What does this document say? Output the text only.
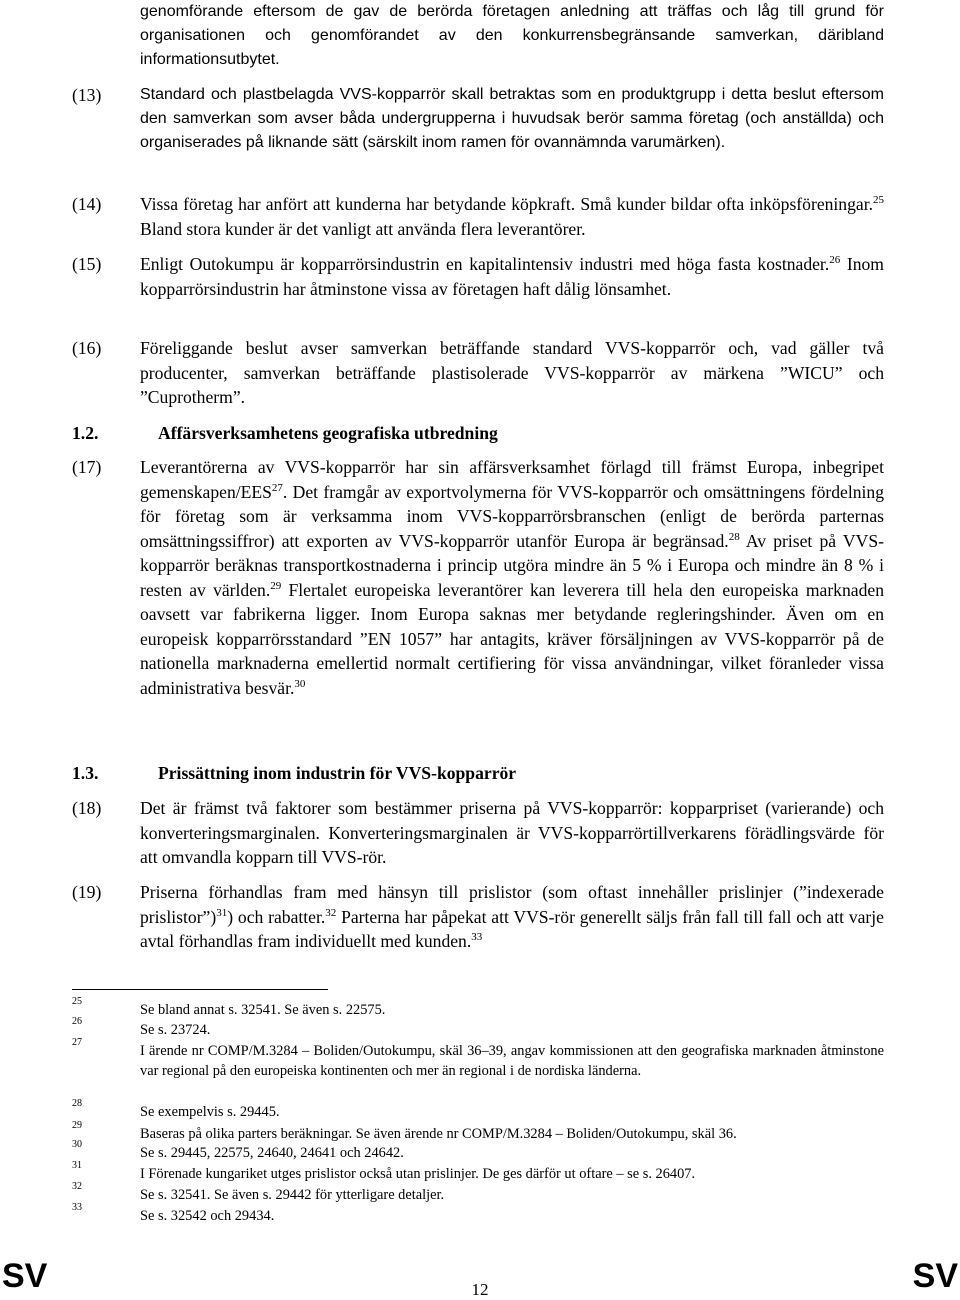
genomförande eftersom de gav de berörda företagen anledning att träffas och låg till grund för organisationen och genomförandet av den konkurrensbegränsande samverkan, däribland informationsutbytet.
(13)	Standard och plastbelagda VVS-kopparrör skall betraktas som en produktgrupp i detta beslut eftersom den samverkan som avser båda undergrupperna i huvudsak berör samma företag (och anställda) och organiserades på liknande sätt (särskilt inom ramen för ovannämnda varumärken).
(14)	Vissa företag har anfört att kunderna har betydande köpkraft. Små kunder bildar ofta inköpsföreningar.$^{25}$ Bland stora kunder är det vanligt att använda flera leverantörer.
(15)	Enligt Outokumpu är kopparrörsindustrin en kapitalintensiv industri med höga fasta kostnader.$^{26}$ Inom kopparrörsindustrin har åtminstone vissa av företagen haft dålig lönsamhet.
(16)	Föreliggande beslut avser samverkan beträffande standard VVS-kopparrör och, vad gäller två producenter, samverkan beträffande plastisolerade VVS-kopparrör av märkena ”WICU” och ”Cuprotherm”.
1.2.	Affärsverksamhetens geografiska utbredning
(17)	Leverantörerna av VVS-kopparrör har sin affärsverksamhet förlagd till främst Europa, inbegripet gemenskapen/EES$^{27}$. Det framgår av exportvolymerna för VVS-kopparrör och omsättningens fördelning för företag som är verksamma inom VVS-kopparrörsbranschen (enligt de berörda parternas omsättningssiffror) att exporten av VVS-kopparrör utanför Europa är begränsad.$^{28}$ Av priset på VVS-kopparrör beräknas transportkostnaderna i princip utgöra mindre än 5 % i Europa och mindre än 8 % i resten av världen.$^{29}$ Flertalet europeiska leverantörer kan leverera till hela den europeiska marknaden oavsett var fabrikerna ligger. Inom Europa saknas mer betydande regleringshinder. Även om en europeisk kopparrörsstandard ”EN 1057” har antagits, kräver försäljningen av VVS-kopparrör på de nationella marknaderna emellertid normalt certifiering för vissa användningar, vilket föranleder vissa administrativa besvär.$^{30}$
1.3.	Prissättning inom industrin för VVS-kopparrör
(18)	Det är främst två faktorer som bestämmer priserna på VVS-kopparrör: kopparpriset (varierande) och konverteringsmarginalen. Konverteringsmarginalen är VVS-kopparrörtillverkarens förädlingsvärde för att omvandla kopparn till VVS-rör.
(19)	Priserna förhandlas fram med hänsyn till prislistor (som oftast innehåller prislinjer (”indexerade prislistor”)$^{31}$) och rabatter.$^{32}$ Parterna har påpekat att VVS-rör generellt säljs från fall till fall och att varje avtal förhandlas fram individuellt med kunden.$^{33}$
25
Se bland annat s. 32541. Se även s. 22575.
26
Se s. 23724.
27
I ärende nr COMP/M.3284 – Boliden/Outokumpu, skäl 36–39, angav kommissionen att den geografiska marknaden åtminstone var regional på den europeiska kontinenten och mer än regional i de nordiska länderna.
28
Se exempelvis s. 29445.
29
Baseras på olika parters beräkningar. Se även ärende nr COMP/M.3284 – Boliden/Outokumpu, skäl 36.
30
Se s. 29445, 22575, 24640, 24641 och 24642.
31
I Förenade kungariket utges prislistor också utan prislinjer. De ges därför ut oftare – se s. 26407.
32
Se s. 32541. Se även s. 29442 för ytterligare detaljer.
33
Se s. 32542 och 29434.
SV	12	SV
